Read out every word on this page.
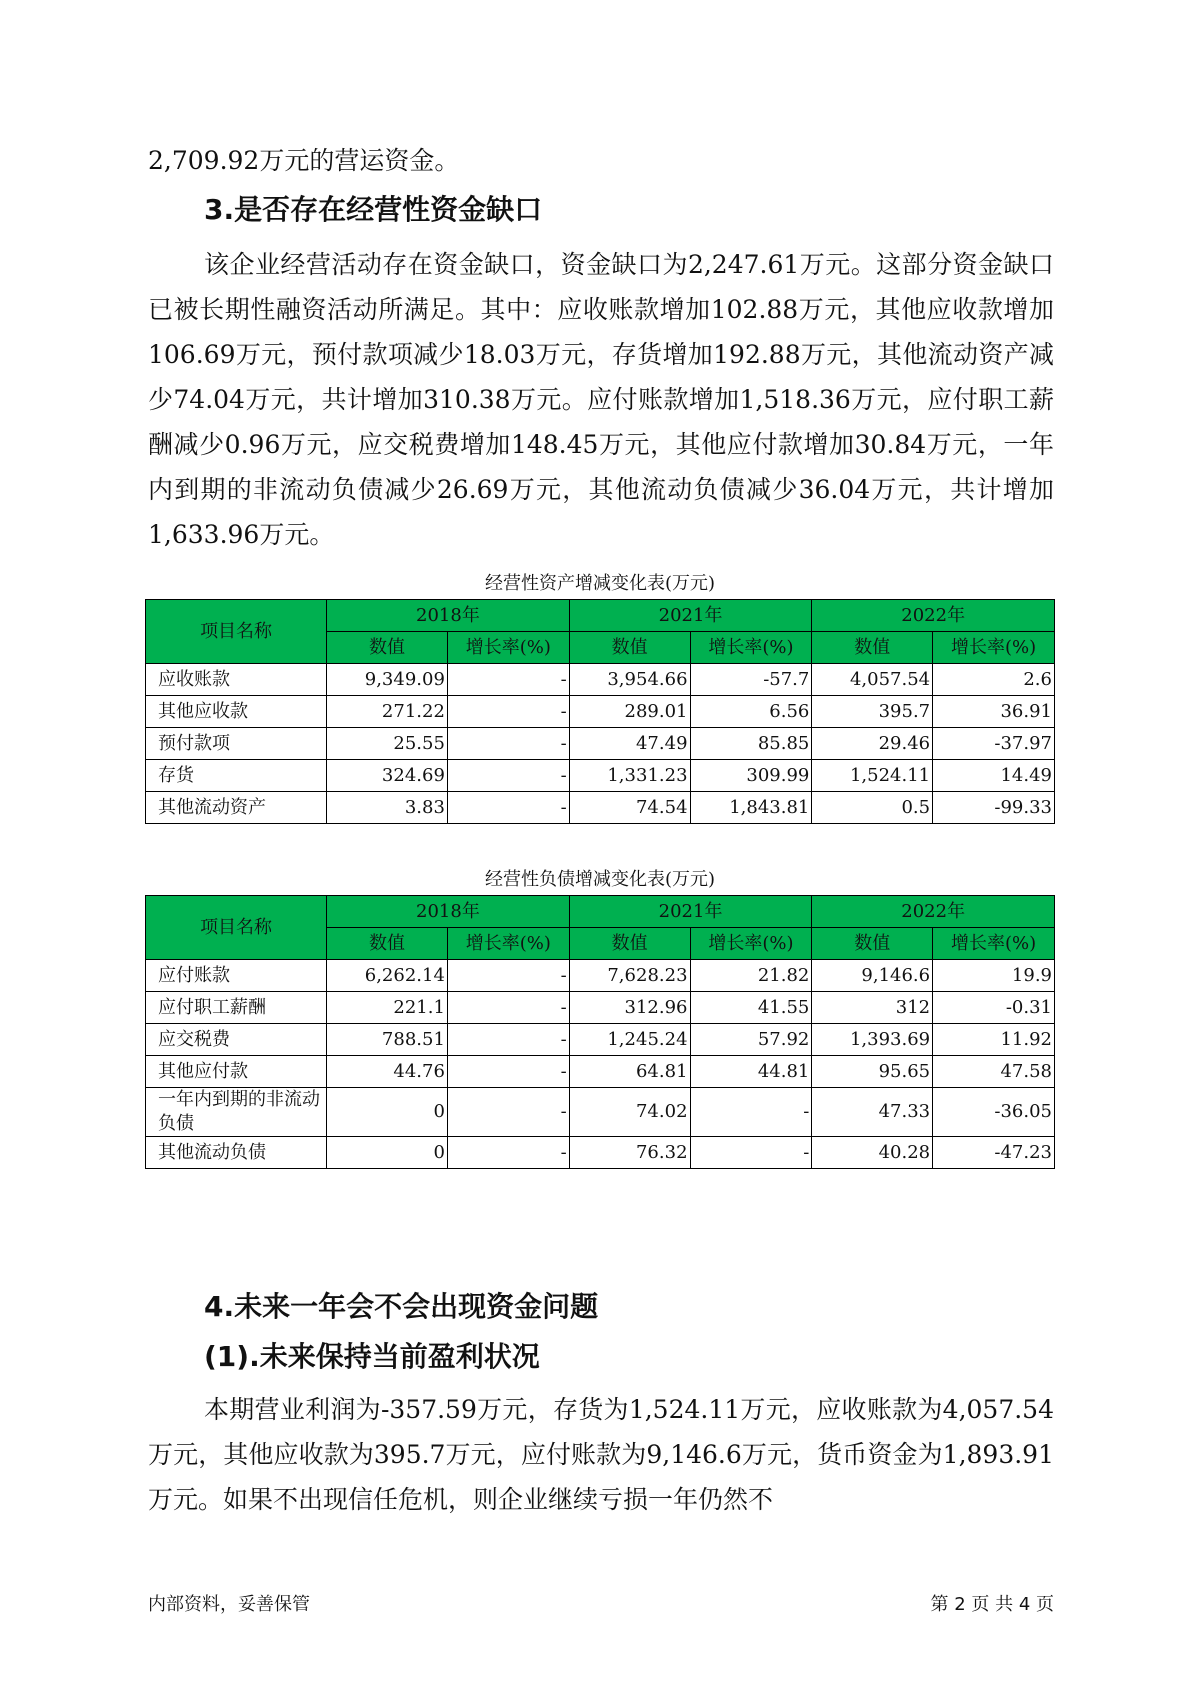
2,709.92万元的营运资金。

3.是否存在经营性资金缺口

该企业经营活动存在资金缺口，资金缺口为2,247.61万元。这部分资金缺口已被长期性融资活动所满足。其中：应收账款增加102.88万元，其他应收款增加106.69万元，预付款项减少18.03万元，存货增加192.88万元，其他流动资产减少74.04万元，共计增加310.38万元。应付账款增加1,518.36万元，应付职工薪酬减少0.96万元，应交税费增加148.45万元，其他应付款增加30.84万元，一年内到期的非流动负债减少26.69万元，其他流动负债减少36.04万元，共计增加1,633.96万元。

经营性资产增减变化表(万元)

项目名称	2018年		2021年		2022年	
	数值	增长率(%)	数值	增长率(%)	数值	增长率(%)
应收账款	9,349.09	-	3,954.66	-57.7	4,057.54	2.6
其他应收款	271.22	-	289.01	6.56	395.7	36.91
预付款项	25.55	-	47.49	85.85	29.46	-37.97
存货	324.69	-	1,331.23	309.99	1,524.11	14.49
其他流动资产	3.83	-	74.54	1,843.81	0.5	-99.33

经营性负债增减变化表(万元)

项目名称	2018年		2021年		2022年	
	数值	增长率(%)	数值	增长率(%)	数值	增长率(%)
应付账款	6,262.14	-	7,628.23	21.82	9,146.6	19.9
应付职工薪酬	221.1	-	312.96	41.55	312	-0.31
应交税费	788.51	-	1,245.24	57.92	1,393.69	11.92
其他应付款	44.76	-	64.81	44.81	95.65	47.58
一年内到期的非流动负债	0	-	74.02	-	47.33	-36.05
其他流动负债	0	-	76.32	-	40.28	-47.23
4.未来一年会不会出现资金问题
(1).未来保持当前盈利状况

本期营业利润为-357.59万元，存货为1,524.11万元，应收账款为4,057.54万元，其他应收款为395.7万元，应付账款为9,146.6万元，货币资金为1,893.91万元。如果不出现信任危机，则企业继续亏损一年仍然不

内部资料，妥善保管	第 2 页 共 4 页
